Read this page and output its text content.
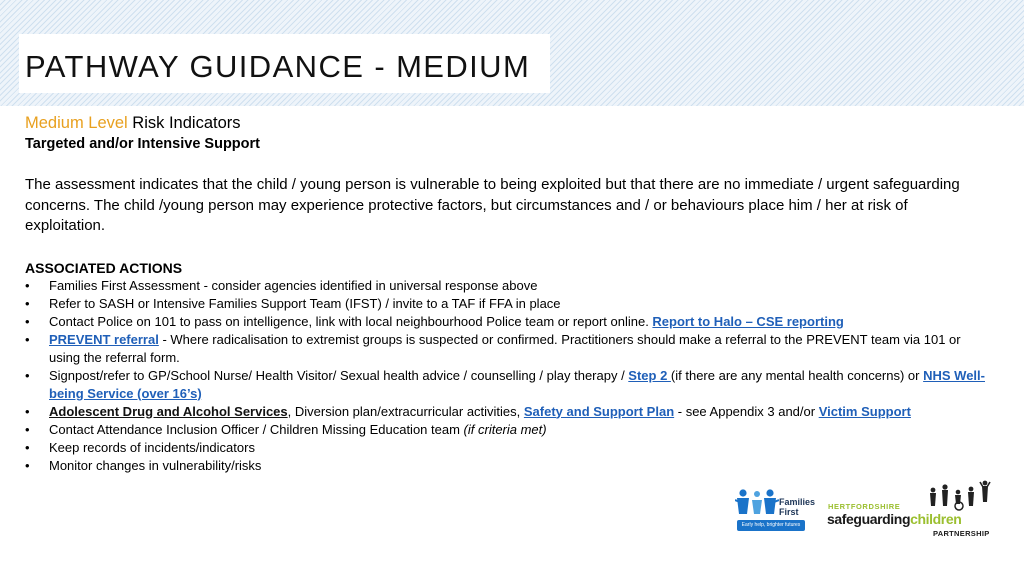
PATHWAY GUIDANCE - MEDIUM
Medium Level Risk Indicators
Targeted and/or Intensive Support
The assessment indicates that the child / young person is vulnerable to being exploited but that there are no immediate / urgent safeguarding concerns. The child /young person may experience protective factors, but circumstances and / or behaviours place him / her at risk of exploitation.
ASSOCIATED ACTIONS
• Families First Assessment - consider agencies identified in universal response above
• Refer to SASH or Intensive Families Support Team (IFST) / invite to a TAF if FFA in place
• Contact Police on 101 to pass on intelligence, link with local neighbourhood Police team or report online. Report to Halo – CSE reporting
• PREVENT referral - Where radicalisation to extremist groups is suspected or confirmed. Practitioners should make a referral to the PREVENT team via 101 or using the referral form.
• Signpost/refer to GP/School Nurse/ Health Visitor/ Sexual health advice / counselling / play therapy / Step 2 (if there are any mental health concerns) or NHS Well-being Service (over 16’s)
• Adolescent Drug and Alcohol Services, Diversion plan/extracurricular activities, Safety and Support Plan - see Appendix 3 and/or Victim Support
• Contact Attendance Inclusion Officer / Children Missing Education team (if criteria met)
• Keep records of incidents/indicators
• Monitor changes in vulnerability/risks
Families
First
Early help, brighter futures
HERTFORDSHIRE
safeguardingchildren
PARTNERSHIP
